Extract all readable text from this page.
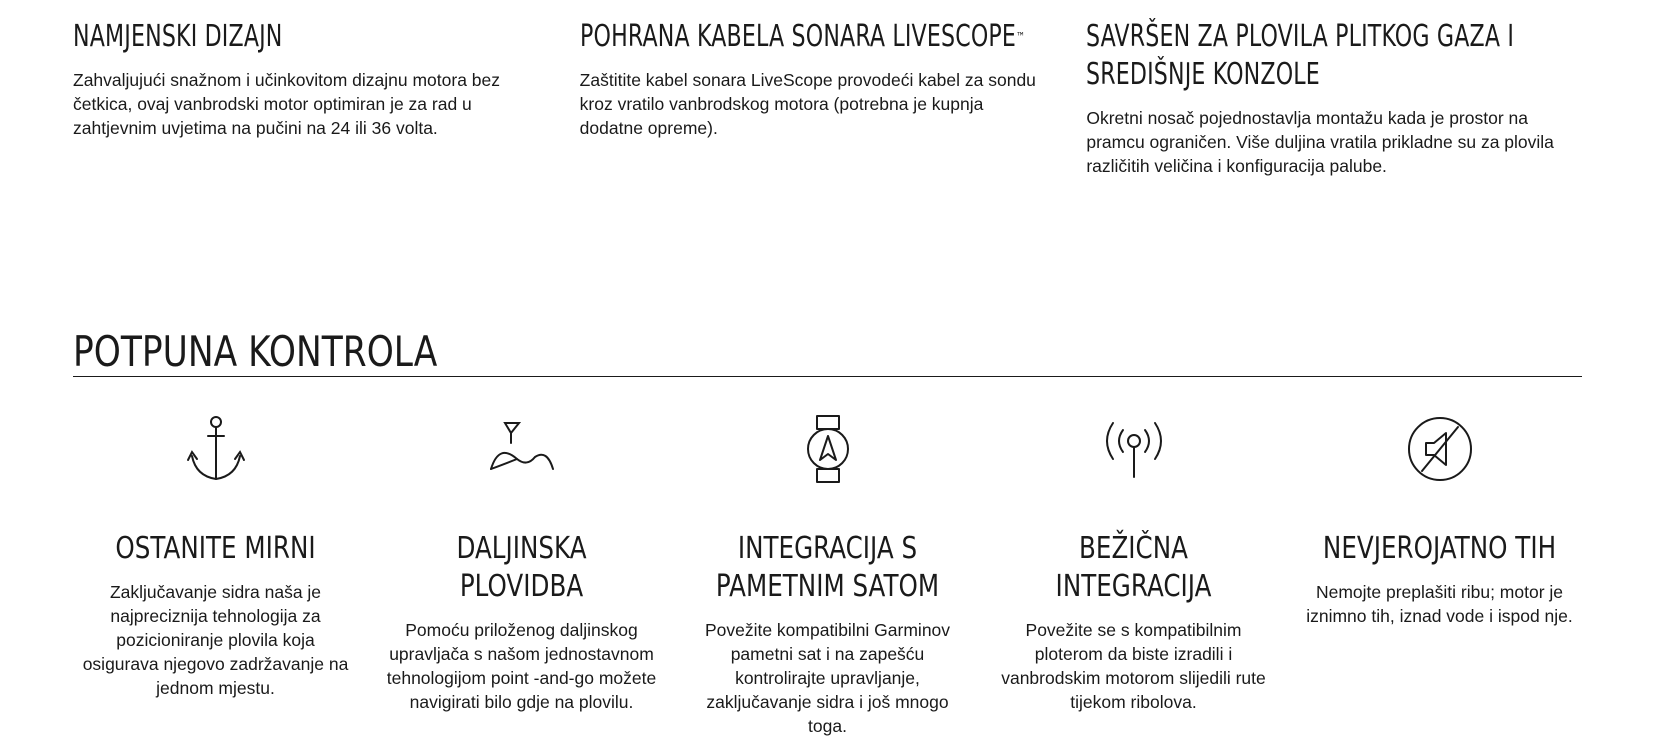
NAMJENSKI DIZAJN

Zahvaljujući snažnom i učinkovitom dizajnu motora bez četkica, ovaj vanbrodski motor optimiran je za rad u zahtjevnim uvjetima na pučini na 24 ili 36 volta.

POHRANA KABELA SONARA LIVESCOPE™

Zaštitite kabel sonara LiveScope provodeći kabel za sondu kroz vratilo vanbrodskog motora (potrebna je kupnja dodatne opreme).

SAVRŠEN ZA PLOVILA PLITKOG GAZA I SREDIŠNJE KONZOLE

Okretni nosač pojednostavlja montažu kada je prostor na pramcu ograničen. Više duljina vratila prikladne su za plovila različitih veličina i konfiguracija palube.

POTPUNA KONTROLA
OSTANITE MIRNI

Zaključavanje sidra naša je najpreciznija tehnologija za pozicioniranje plovila koja osigurava njegovo zadržavanje na jednom mjestu.

DALJINSKA PLOVIDBA

Pomoću priloženog daljinskog upravljača s našom jednostavnom tehnologijom point -and-go možete navigirati bilo gdje na plovilu.

INTEGRACIJA S PAMETNIM SATOM

Povežite kompatibilni Garminov pametni sat i na zapešću kontrolirajte upravljanje, zaključavanje sidra i još mnogo toga.

BEŽIČNA INTEGRACIJA

Povežite se s kompatibilnim ploterom da biste izradili i vanbrodskim motorom slijedili rute tijekom ribolova.

NEVJEROJATNO TIH

Nemojte preplašiti ribu; motor je iznimno tih, iznad vode i ispod nje.
